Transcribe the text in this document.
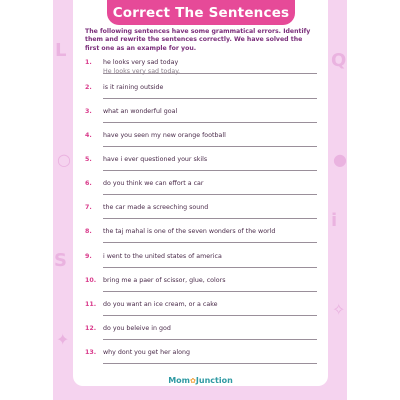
L
○
S
✦
Q
●
i
✧
Correct The Sentences
The following sentences have some grammatical errors. Identify them and rewrite the sentences correctly. We have solved the first one as an example for you.
1.	he looks very sad today
He looks very sad today.
2.	is it raining outside
3.	what an wonderful goal
4.	have you seen my new orange football
5.	have i ever questioned your skils
6.	do you think we can effort a car
7.	the car made a screeching sound
8.	the taj mahal is one of the seven wonders of the world
9.	i went to the united states of america
10.	bring me a paer of scissor, glue, colors
11.	do you want an ice cream, or a cake
12.	do you beleive in god
13.	why dont you get her along
Mom✿Junction
